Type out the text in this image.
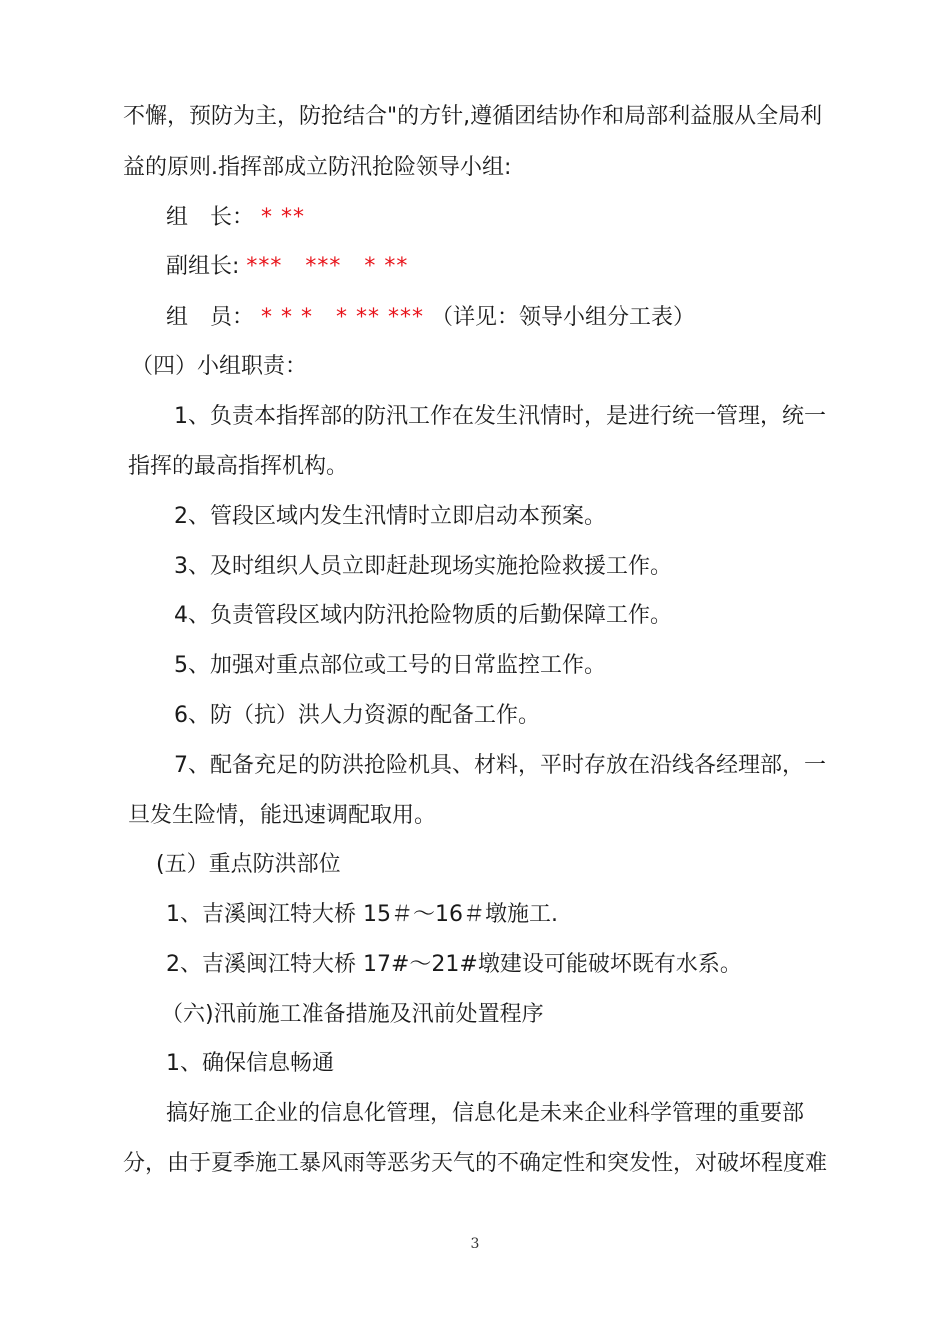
不懈，预防为主，防抢结合"的方针,遵循团结协作和局部利益服从全局利
益的原则.指挥部成立防汛抢险领导小组:
组　长： * **
副组长: ***　***　* **
组　员： * * *　* ** *** （详见：领导小组分工表）
（四）小组职责：
1、负责本指挥部的防汛工作在发生汛情时，是进行统一管理，统一
指挥的最高指挥机构。
2、管段区域内发生汛情时立即启动本预案。
3、及时组织人员立即赶赴现场实施抢险救援工作。
4、负责管段区域内防汛抢险物质的后勤保障工作。
5、加强对重点部位或工号的日常监控工作。
6、防（抗）洪人力资源的配备工作。
7、配备充足的防洪抢险机具、材料，平时存放在沿线各经理部，一
旦发生险情，能迅速调配取用。
(五）重点防洪部位
1、吉溪闽江特大桥 15＃～16＃墩施工.
2、吉溪闽江特大桥 17#～21#墩建设可能破坏既有水系。
（六)汛前施工准备措施及汛前处置程序
1、确保信息畅通
搞好施工企业的信息化管理，信息化是未来企业科学管理的重要部
分，由于夏季施工暴风雨等恶劣天气的不确定性和突发性，对破坏程度难
3
